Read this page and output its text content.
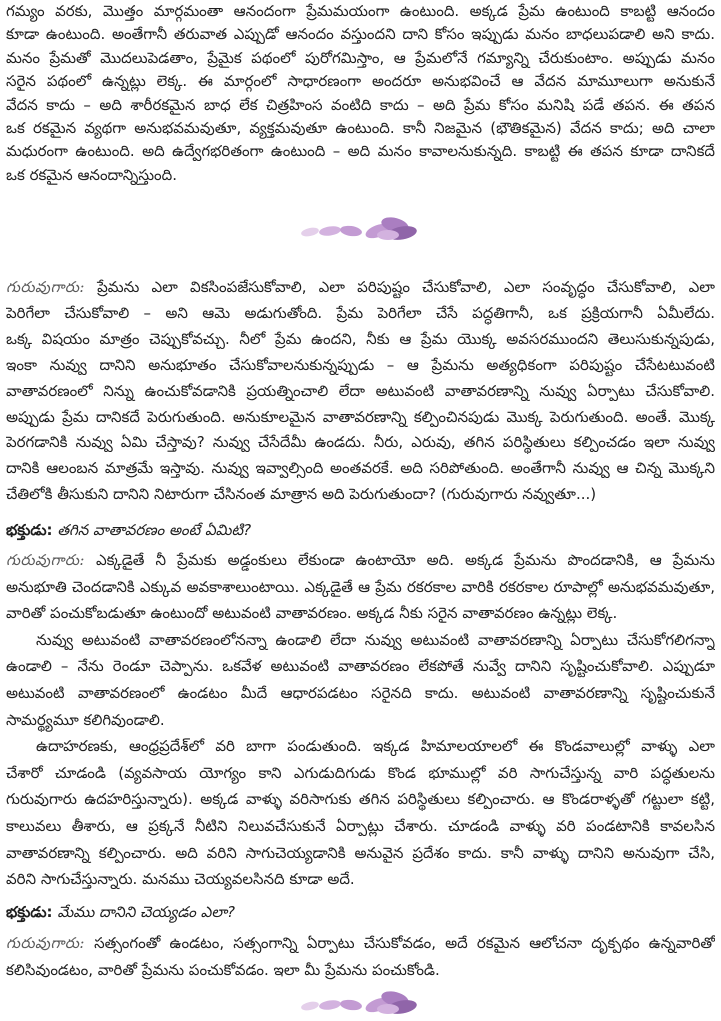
గమ్యం వరకు, మొత్తం మార్గమంతా ఆనందంగా ప్రేమమయంగా ఉంటుంది. అక్కడ ప్రేమ ఉంటుంది కాబట్టి ఆనందం
కూడా ఉంటుంది. అంతేగానీ తరువాత ఎప్పుడో ఆనందం వస్తుందని దాని కోసం ఇప్పుడు మనం బాధలుపడాలి అని కాదు.
మనం ప్రేమతో మొదలుపెడతాం, ప్రేమైక పథంలో పురోగమిస్తాం, ఆ ప్రేమలోనే గమ్యాన్ని చేరుకుంటాం. అప్పుడు మనం
సరైన పథంలో ఉన్నట్లు లెక్క. ఈ మార్గంలో సాధారణంగా అందరూ అనుభవించే ఆ వేదన మామూలుగా అనుకునే
వేదన కాదు – అది శారీరకమైన బాధ లేక చిత్రహింస వంటిది కాదు – అది ప్రేమ కోసం మనిషి పడే తపన. ఈ తపన
ఒక రకమైన వ్యథగా అనుభవమవుతూ, వ్యక్తమవుతూ ఉంటుంది. కానీ నిజమైన (భౌతికమైన) వేదన కాదు; అది చాలా
మధురంగా ఉంటుంది. అది ఉద్వేగభరితంగా ఉంటుంది – అది మనం కావాలనుకున్నది. కాబట్టి ఈ తపన కూడా దానికదే
ఒక రకమైన ఆనందాన్నిస్తుంది.
గురువుగారు: ప్రేమను ఎలా వికసింపజేసుకోవాలి, ఎలా పరిపుష్టం చేసుకోవాలి, ఎలా సంవృద్ధం చేసుకోవాలి, ఎలా
పెరిగేలా చేసుకోవాలి – అని ఆమె అడుగుతోంది. ప్రేమ పెరిగేలా చేసే పద్ధతిగానీ, ఒక ప్రక్రియగానీ ఏమీలేదు.
ఒక్క విషయం మాత్రం చెప్పుకోవచ్చు. నీలో ప్రేమ ఉందని, నీకు ఆ ప్రేమ యొక్క అవసరముందని తెలుసుకున్నపుడు,
ఇంకా నువ్వు దానిని అనుభూతం చేసుకోవాలనుకున్నప్పుడు – ఆ ప్రేమను అత్యధికంగా పరిపుష్టం చేసేటటువంటి
వాతావరణంలో నిన్ను ఉంచుకోవడానికి ప్రయత్నించాలి లేదా అటువంటి వాతావరణాన్ని నువ్వు ఏర్పాటు చేసుకోవాలి.
అప్పుడు ప్రేమ దానికదే పెరుగుతుంది. అనుకూలమైన వాతావరణాన్ని కల్పించినపుడు మొక్క పెరుగుతుంది. అంతే. మొక్క
పెరగడానికి నువ్వు ఏమి చేస్తావు? నువ్వు చేసేదేమీ ఉండదు. నీరు, ఎరువు, తగిన పరిస్థితులు కల్పించడం ఇలా నువ్వు
దానికి ఆలంబన మాత్రమే ఇస్తావు. నువ్వు ఇవ్వాల్సింది అంతవరకే. అది సరిపోతుంది. అంతేగానీ నువ్వు ఆ చిన్న మొక్కని
చేతిలోకి తీసుకుని దానిని నిటారుగా చేసినంత మాత్రాన అది పెరుగుతుందా? (గురువుగారు నవ్వుతూ...)
భక్తుడు: తగిన వాతావరణం అంటే ఏమిటి?
గురువుగారు: ఎక్కడైతే నీ ప్రేమకు అడ్డంకులు లేకుండా ఉంటాయో అది. అక్కడ ప్రేమను పొందడానికి, ఆ ప్రేమను
అనుభూతి చెందడానికి ఎక్కువ అవకాశాలుంటాయి. ఎక్కడైతే ఆ ప్రేమ రకరకాల వారికి రకరకాల రూపాల్లో అనుభవమవుతూ,
వారితో పంచుకోబడుతూ ఉంటుందో అటువంటి వాతావరణం. అక్కడ నీకు సరైన వాతావరణం ఉన్నట్లు లెక్క.
నువ్వు అటువంటి వాతావరణంలోనన్నా ఉండాలి లేదా నువ్వు అటువంటి వాతావరణాన్ని ఏర్పాటు చేసుకోగలిగన్నా
ఉండాలి – నేను రెండూ చెప్పాను. ఒకవేళ అటువంటి వాతావరణం లేకపోతే నువ్వే దానిని సృష్టించుకోవాలి. ఎప్పుడూ
అటువంటి వాతావరణంలో ఉండటం మీదే ఆధారపడటం సరైనది కాదు. అటువంటి వాతావరణాన్ని సృష్టించుకునే
సామర్థ్యమూ కలిగివుండాలి.
ఉదాహరణకు, ఆంధ్రప్రదేశ్‌లో వరి బాగా పండుతుంది. ఇక్కడ హిమాలయాలలో ఈ కొండవాలుల్లో వాళ్ళు ఎలా
చేశారో చూడండి (వ్యవసాయ యోగ్యం కాని ఎగుడుదిగుడు కొండ భూముల్లో వరి సాగుచేస్తున్న వారి పద్ధతులను
గురువుగారు ఉదహరిస్తున్నారు). అక్కడ వాళ్ళు వరిసాగుకు తగిన పరిస్థితులు కల్పించారు. ఆ కొండరాళ్ళతో గట్టులా కట్టి,
కాలువలు తీశారు, ఆ ప్రక్కనే నీటిని నిలువచేసుకునే ఏర్పాట్లు చేశారు. చూడండి వాళ్ళు వరి పండటానికి కావలసిన
వాతావరణాన్ని కల్పించారు. అది వరిని సాగుచెయ్యడానికి అనువైన ప్రదేశం కాదు. కానీ వాళ్ళు దానిని అనువుగా చేసి,
వరిని సాగుచేస్తున్నారు. మనము చెయ్యవలసినది కూడా అదే.
భక్తుడు: మేము దానిని చెయ్యడం ఎలా?
గురువుగారు: సత్సంగంతో ఉండటం, సత్సంగాన్ని ఏర్పాటు చేసుకోవడం, అదే రకమైన ఆలోచనా దృక్పథం ఉన్నవారితో
కలిసివుండటం, వారితో ప్రేమను పంచుకోవడం. ఇలా మీ ప్రేమను పంచుకోండి.
